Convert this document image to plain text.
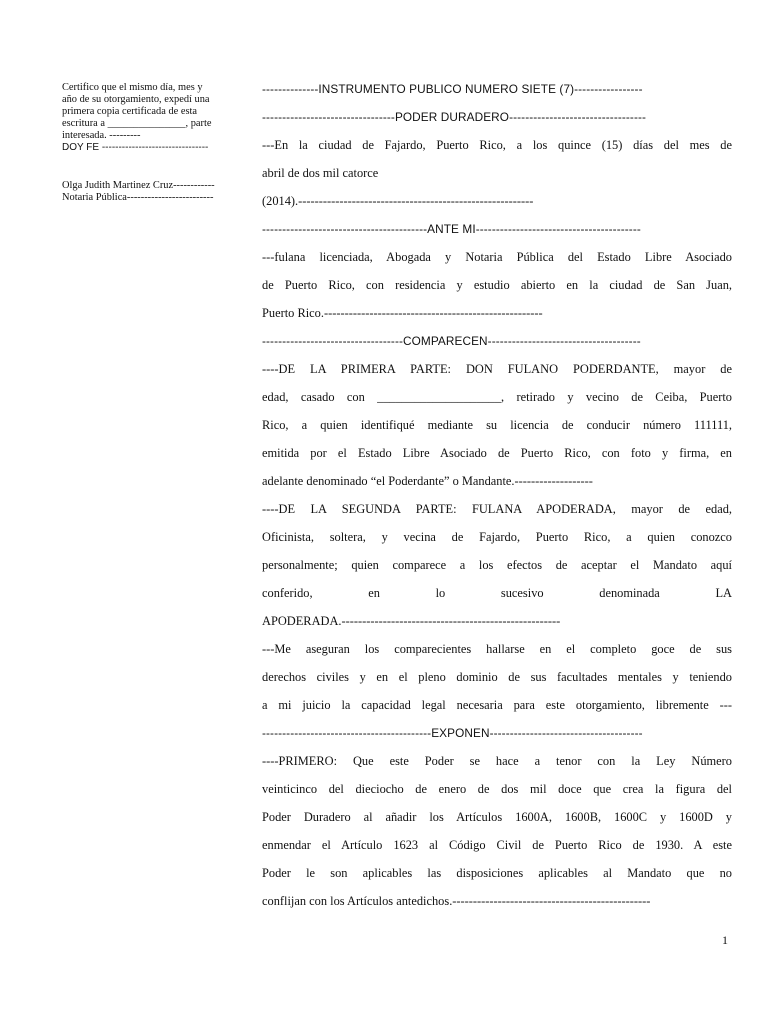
Certifico que el mismo día, mes y
año de su otorgamiento, expedí una
primera copia certificada de esta
escritura a _______________, parte
interesada. ---------
DOY FE --------------------------------
Olga Judith Martinez Cruz------------
Notaria Pública-------------------------
--------------INSTRUMENTO PUBLICO NUMERO SIETE (7)-----------------
---------------------------------PODER DURADERO----------------------------------
---En la ciudad de Fajardo, Puerto Rico, a los quince (15) días del mes de
abril de dos mil catorce
(2014).---------------------------------------------------------
-----------------------------------------ANTE MI-----------------------------------------
---fulana licenciada, Abogada y Notaria Pública del Estado Libre Asociado
de Puerto Rico, con residencia y estudio abierto en la ciudad de San Juan,
Puerto Rico.-----------------------------------------------------
-----------------------------------COMPARECEN--------------------------------------
----DE LA PRIMERA PARTE: DON FULANO PODERDANTE, mayor de
edad, casado con ____________________, retirado y vecino de Ceiba, Puerto
Rico, a quien identifiqué mediante su licencia de conducir número 111111,
emitida por el Estado Libre Asociado de Puerto Rico, con foto y firma, en
adelante denominado “el Poderdante” o Mandante.-------------------
----DE LA SEGUNDA PARTE: FULANA APODERADA, mayor de edad,
Oficinista, soltera, y vecina de Fajardo, Puerto Rico, a quien conozco
personalmente; quien comparece a los efectos de aceptar el Mandato aquí
conferido, en lo sucesivo denominada LA
APODERADA.-----------------------------------------------------
---Me aseguran los comparecientes hallarse en el completo goce de sus
derechos civiles y en el pleno dominio de sus facultades mentales y teniendo
a mi juicio la capacidad legal necesaria para este otorgamiento, libremente ---
------------------------------------------EXPONEN--------------------------------------
----PRIMERO: Que este Poder se hace a tenor con la Ley Número
veinticinco del dieciocho de enero de dos mil doce que crea la figura del
Poder Duradero al añadir los Artículos 1600A, 1600B, 1600C y 1600D y
enmendar el Artículo 1623 al Código Civil de Puerto Rico de 1930. A este
Poder le son aplicables las disposiciones aplicables al Mandato que no
conflijan con los Artículos antedichos.------------------------------------------------
1
